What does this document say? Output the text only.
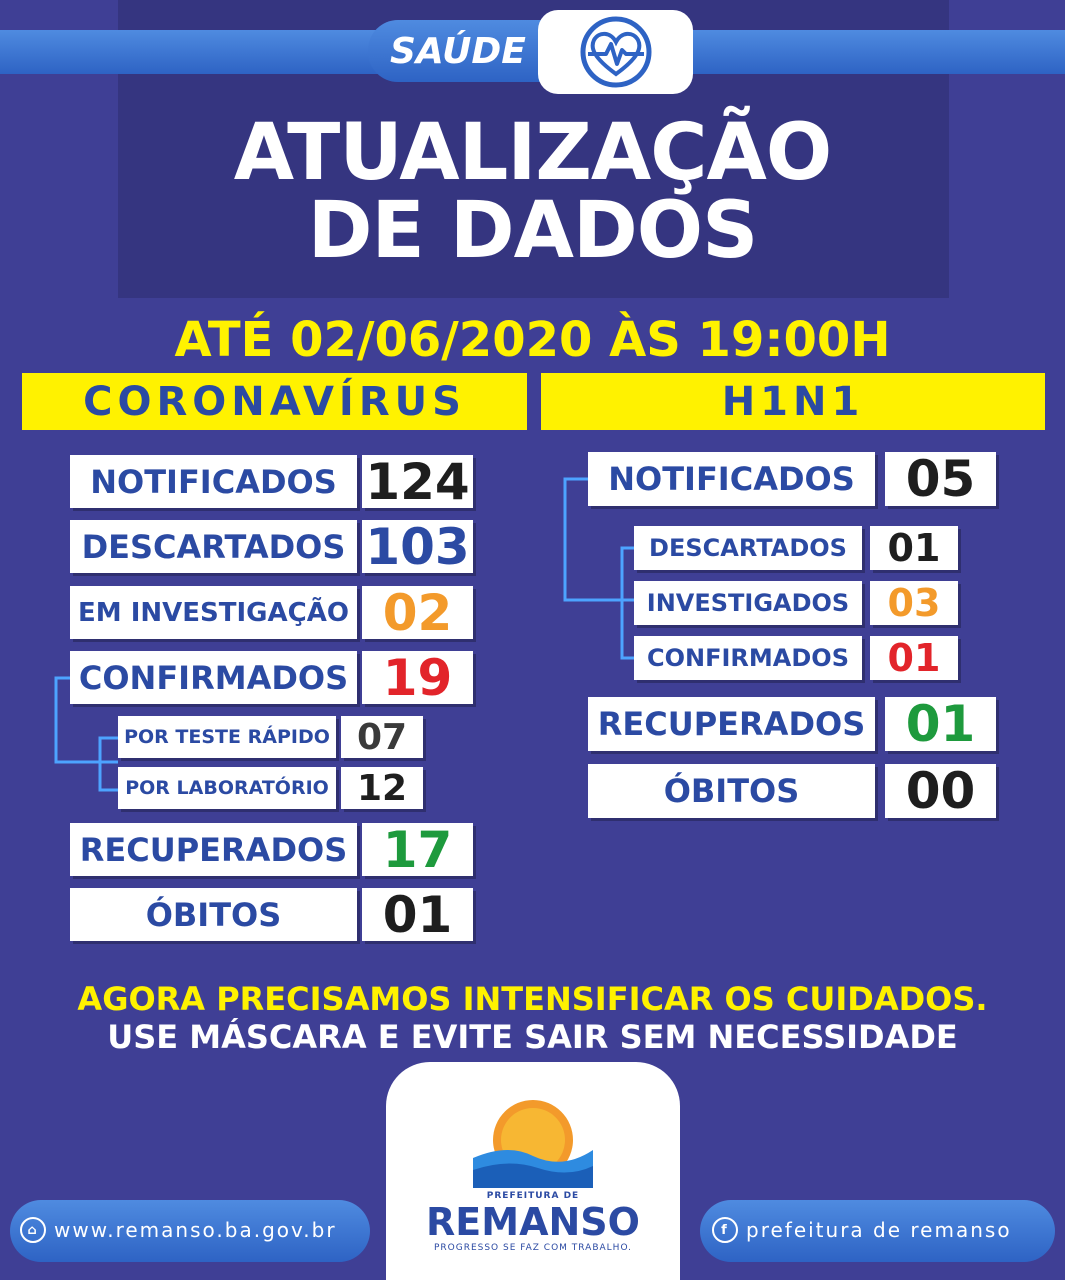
SAÚDE
ATUALIZAÇÃO
DE DADOS
ATÉ 02/06/2020 ÀS 19:00H
CORONAVÍRUS	H1N1
NOTIFICADOS 124
DESCARTADOS 103
EM INVESTIGAÇÃO 02
CONFIRMADOS 19
POR TESTE RÁPIDO 07
POR LABORATÓRIO 12
RECUPERADOS 17
ÓBITOS	01
NOTIFICADOS	05
DESCARTADOS	01
INVESTIGADOS	03
CONFIRMADOS	01
RECUPERADOS 01
ÓBITOS	00
AGORA PRECISAMOS INTENSIFICAR OS CUIDADOS.
USE MÁSCARA E EVITE SAIR SEM NECESSIDADE
⌂ www.remanso.ba.gov.br	f prefeitura de remanso
PREFEITURA DE
REMANSO
PROGRESSO SE FAZ COM TRABALHO.
